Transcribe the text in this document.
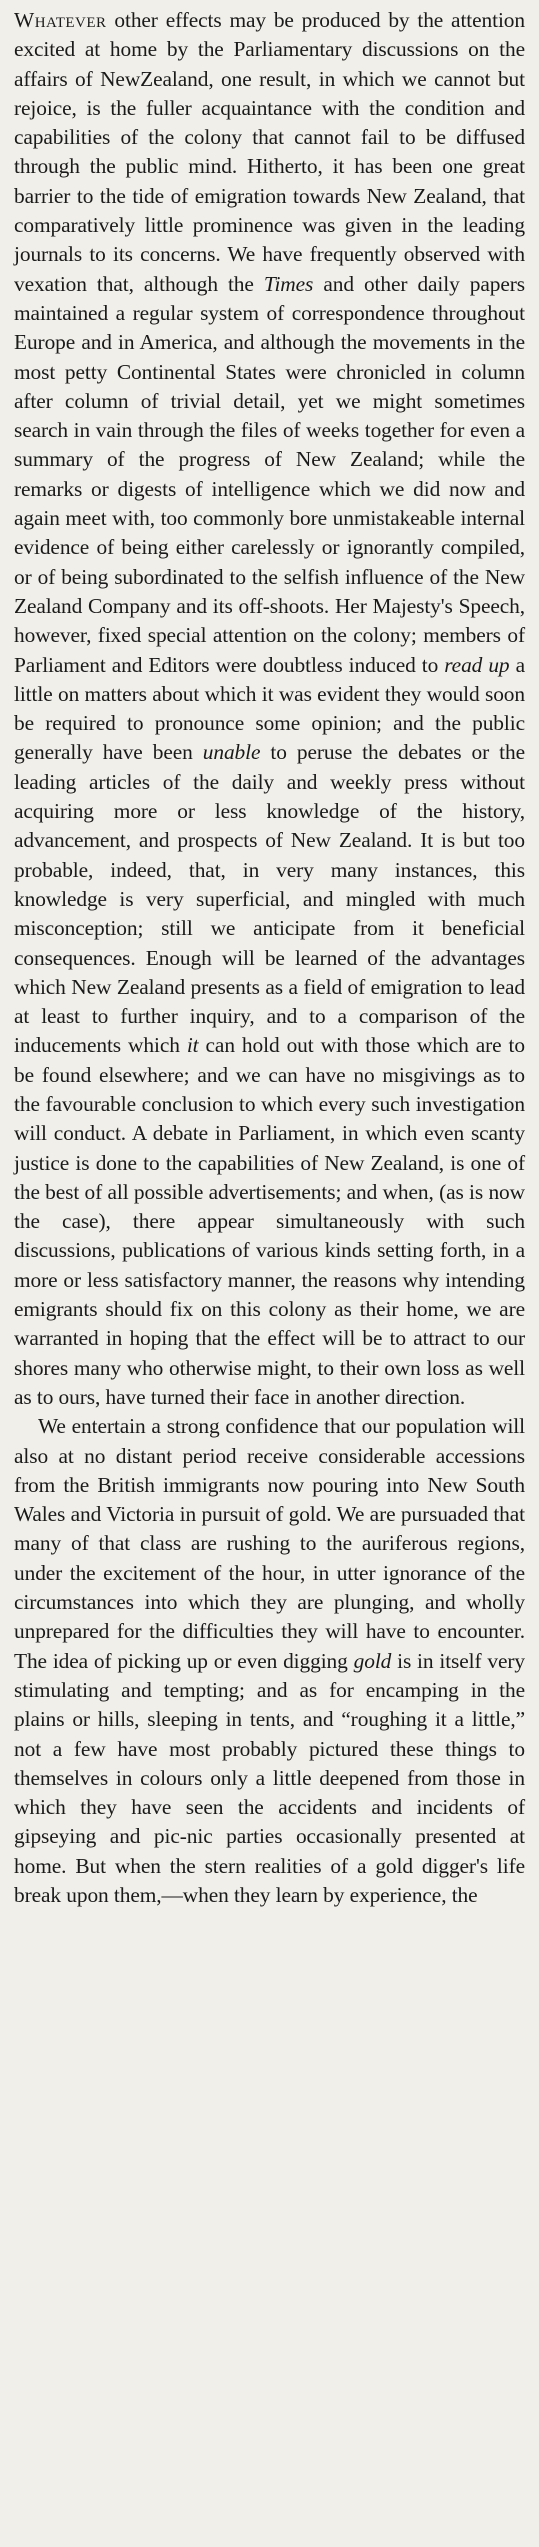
Whatever other effects may be produced by the attention excited at home by the Parliamentary discussions on the affairs of NewZealand, one result, in which we cannot but rejoice, is the fuller acquaintance with the condition and capabilities of the colony that cannot fail to be diffused through the public mind. Hitherto, it has been one great barrier to the tide of emigration towards New Zealand, that comparatively little prominence was given in the leading journals to its concerns. We have frequently observed with vexation that, although the Times and other daily papers maintained a regular system of correspondence throughout Europe and in America, and although the movements in the most petty Continental States were chronicled in column after column of trivial detail, yet we might sometimes search in vain through the files of weeks together for even a summary of the progress of New Zealand; while the remarks or digests of intelligence which we did now and again meet with, too commonly bore unmistakeable internal evidence of being either carelessly or ignorantly compiled, or of being subordinated to the selfish influence of the New Zealand Company and its off-shoots. Her Majesty's Speech, however, fixed special attention on the colony; members of Parliament and Editors were doubtless induced to read up a little on matters about which it was evident they would soon be required to pronounce some opinion; and the public generally have been unable to peruse the debates or the leading articles of the daily and weekly press without acquiring more or less knowledge of the history, advancement, and prospects of New Zealand. It is but too probable, indeed, that, in very many instances, this knowledge is very superficial, and mingled with much misconception; still we anticipate from it beneficial consequences. Enough will be learned of the advantages which New Zealand presents as a field of emigration to lead at least to further inquiry, and to a comparison of the inducements which it can hold out with those which are to be found elsewhere; and we can have no misgivings as to the favourable conclusion to which every such investigation will conduct. A debate in Parliament, in which even scanty justice is done to the capabilities of New Zealand, is one of the best of all possible advertisements; and when, (as is now the case), there appear simultaneously with such discussions, publications of various kinds setting forth, in a more or less satisfactory manner, the reasons why intending emigrants should fix on this colony as their home, we are warranted in hoping that the effect will be to attract to our shores many who otherwise might, to their own loss as well as to ours, have turned their face in another direction.

We entertain a strong confidence that our population will also at no distant period receive considerable accessions from the British immigrants now pouring into New South Wales and Victoria in pursuit of gold. We are pursuaded that many of that class are rushing to the auriferous regions, under the excitement of the hour, in utter ignorance of the circumstances into which they are plunging, and wholly unprepared for the difficulties they will have to encounter. The idea of picking up or even digging gold is in itself very stimulating and tempting; and as for encamping in the plains or hills, sleeping in tents, and “roughing it a little,” not a few have most probably pictured these things to themselves in colours only a little deepened from those in which they have seen the accidents and incidents of gipseying and pic-nic parties occasionally presented at home. But when the stern realities of a gold digger's life break upon them,—when they learn by experience, the
